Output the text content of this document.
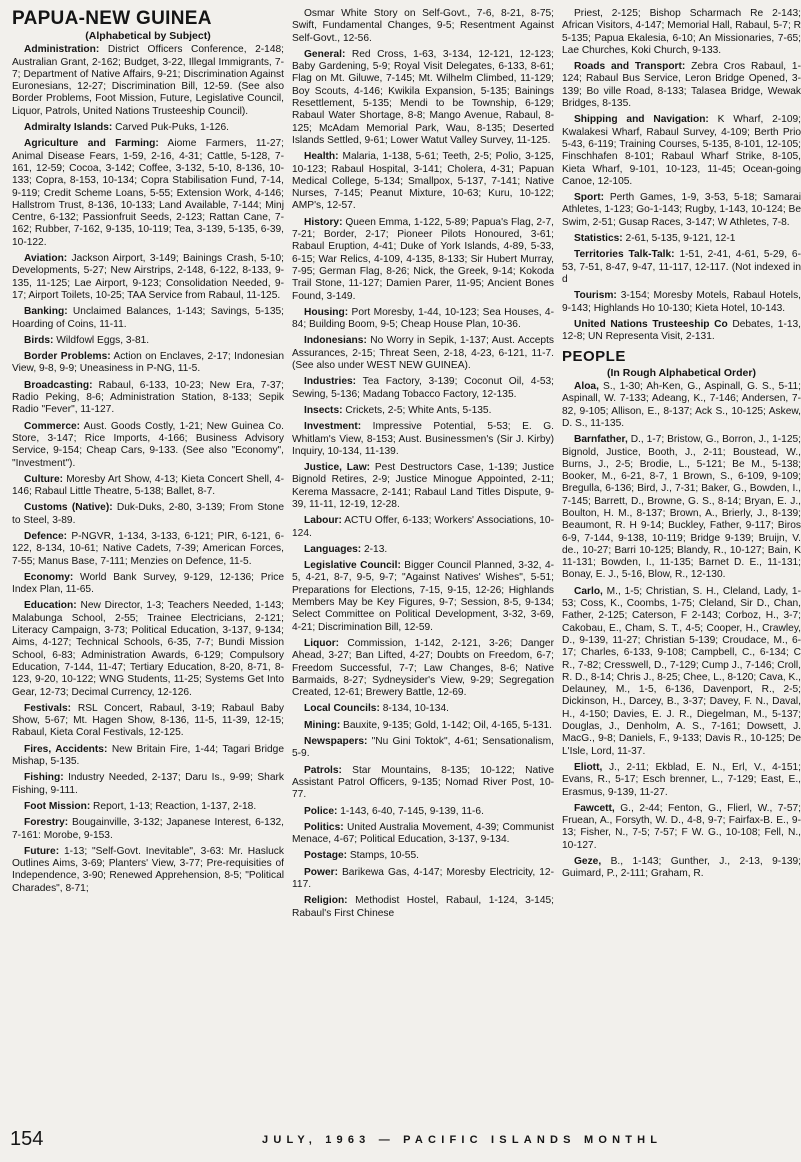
PAPUA-NEW GUINEA
(Alphabetical by Subject)

Administration: District Officers Conference, 2-148; Australian Grant, 2-162; Budget, 3-22, Illegal Immigrants, 7-7; Department of Native Affairs, 9-21; Discrimination Against Euronesians, 12-27; Discrimination Bill, 12-59. (See also Border Problems, Foot Mission, Future, Legislative Council, Liquor, Patrols, United Nations Trusteeship Council).

Admiralty Islands: Carved Puk-Puks, 1-126.

Agriculture and Farming: Aiome Farmers, 11-27; Animal Disease Fears, 1-59, 2-16, 4-31; Cattle, 5-128, 7-161, 12-59; Cocoa, 3-142; Coffee, 3-132, 5-10, 8-136, 10-133; Copra, 8-153, 10-134; Copra Stabilisation Fund, 7-14, 9-119; Credit Scheme Loans, 5-55; Extension Work, 4-146; Hallstrom Trust, 8-136, 10-133; Land Available, 7-144; Minj Centre, 6-132; Passionfruit Seeds, 2-123; Rattan Cane, 7-162; Rubber, 7-162, 9-135, 10-119; Tea, 3-139, 5-135, 6-39, 10-122.

Aviation: Jackson Airport, 3-149; Bainings Crash, 5-10; Developments, 5-27; New Airstrips, 2-148, 6-122, 8-133, 9-135, 11-125; Lae Airport, 9-123; Consolidation Needed, 9-17; Airport Toilets, 10-25; TAA Service from Rabaul, 11-125.

Banking: Unclaimed Balances, 1-143; Savings, 5-135; Hoarding of Coins, 11-11.

Birds: Wildfowl Eggs, 3-81.

Border Problems: Action on Enclaves, 2-17; Indonesian View, 9-8, 9-9; Uneasiness in P-NG, 11-5.

Broadcasting: Rabaul, 6-133, 10-23; New Era, 7-37; Radio Peking, 8-6; Administration Station, 8-133; Sepik Radio "Fever", 11-127.

Commerce: Aust. Goods Costly, 1-21; New Guinea Co. Store, 3-147; Rice Imports, 4-166; Business Advisory Service, 9-154; Cheap Cars, 9-133. (See also "Economy", "Investment").

Culture: Moresby Art Show, 4-13; Kieta Concert Shell, 4-146; Rabaul Little Theatre, 5-138; Ballet, 8-7.

Customs (Native): Duk-Duks, 2-80, 3-139; From Stone to Steel, 3-89.

Defence: P-NGVR, 1-134, 3-133, 6-121; PIR, 6-121, 6-122, 8-134, 10-61; Native Cadets, 7-39; American Forces, 7-55; Manus Base, 7-111; Menzies on Defence, 11-5.

Economy: World Bank Survey, 9-129, 12-136; Price Index Plan, 11-65.

Education: New Director, 1-3; Teachers Needed, 1-143; Malabunga School, 2-55; Trainee Electricians, 2-121; Literacy Campaign, 3-73; Political Education, 3-137, 9-134; Aims, 4-127; Technical Schools, 6-35, 7-7; Bundi Mission School, 6-83; Administration Awards, 6-129; Compulsory Education, 7-144, 11-47; Tertiary Education, 8-20, 8-71, 8-123, 9-20, 10-122; WNG Students, 11-25; Systems Get Into Gear, 12-73; Decimal Currency, 12-126.

Festivals: RSL Concert, Rabaul, 3-19; Rabaul Baby Show, 5-67; Mt. Hagen Show, 8-136, 11-5, 11-39, 12-15; Rabaul, Kieta Coral Festivals, 12-125.

Fires, Accidents: New Britain Fire, 1-44; Tagari Bridge Mishap, 5-135.

Fishing: Industry Needed, 2-137; Daru Is., 9-99; Shark Fishing, 9-111.

Foot Mission: Report, 1-13; Reaction, 1-137, 2-18.

Forestry: Bougainville, 3-132; Japanese Interest, 6-132, 7-161: Morobe, 9-153.

Future: 1-13; "Self-Govt. Inevitable", 3-63: Mr. Hasluck Outlines Aims, 3-69; Planters' View, 3-77; Pre-requisities of Independence, 3-90; Renewed Apprehension, 8-5; "Political Charades", 8-71;

Osmar White Story on Self-Govt., 7-6, 8-21, 8-75; Swift, Fundamental Changes, 9-5; Resentment Against Self-Govt., 12-56.

General: Red Cross, 1-63, 3-134, 12-121, 12-123; Baby Gardening, 5-9; Royal Visit Delegates, 6-133, 8-61; Flag on Mt. Giluwe, 7-145; Mt. Wilhelm Climbed, 11-129; Boy Scouts, 4-146; Kwikila Expansion, 5-135; Bainings Resettlement, 5-135; Mendi to be Township, 6-129; Rabaul Water Shortage, 8-8; Mango Avenue, Rabaul, 8-125; McAdam Memorial Park, Wau, 8-135; Deserted Islands Settled, 9-61; Lower Watut Valley Survey, 11-125.

Health: Malaria, 1-138, 5-61; Teeth, 2-5; Polio, 3-125, 10-123; Rabaul Hospital, 3-141; Cholera, 4-31; Papuan Medical College, 5-134; Smallpox, 5-137, 7-141; Native Nurses, 7-145; Peanut Mixture, 10-63; Kuru, 10-122; AMP's, 12-57.

History: Queen Emma, 1-122, 5-89; Papua's Flag, 2-7, 7-21; Border, 2-17; Pioneer Pilots Honoured, 3-61; Rabaul Eruption, 4-41; Duke of York Islands, 4-89, 5-33, 6-15; War Relics, 4-109, 4-135, 8-133; Sir Hubert Murray, 7-95; German Flag, 8-26; Nick, the Greek, 9-14; Kokoda Trail Stone, 11-127; Damien Parer, 11-95; Ancient Bones Found, 3-149.

Housing: Port Moresby, 1-44, 10-123; Sea Houses, 4-84; Building Boom, 9-5; Cheap House Plan, 10-36.

Indonesians: No Worry in Sepik, 1-137; Aust. Accepts Assurances, 2-15; Threat Seen, 2-18, 4-23, 6-121, 11-7. (See also under WEST NEW GUINEA).

Industries: Tea Factory, 3-139; Coconut Oil, 4-53; Sewing, 5-136; Madang Tobacco Factory, 12-135.

Insects: Crickets, 2-5; White Ants, 5-135.

Investment: Impressive Potential, 5-53; E. G. Whitlam's View, 8-153; Aust. Businessmen's (Sir J. Kirby) Inquiry, 10-134, 11-139.

Justice, Law: Pest Destructors Case, 1-139; Justice Bignold Retires, 2-9; Justice Minogue Appointed, 2-11; Kerema Massacre, 2-141; Rabaul Land Titles Dispute, 9-39, 11-11, 12-19, 12-28.

Labour: ACTU Offer, 6-133; Workers' Associations, 10-124.

Languages: 2-13.

Legislative Council: Bigger Council Planned, 3-32, 4-5, 4-21, 8-7, 9-5, 9-7; "Against Natives' Wishes", 5-51; Preparations for Elections, 7-15, 9-15, 12-26; Highlands Members May be Key Figures, 9-7; Session, 8-5, 9-134; Select Committee on Political Development, 3-32, 3-69, 4-21; Discrimination Bill, 12-59.

Liquor: Commission, 1-142, 2-121, 3-26; Danger Ahead, 3-27; Ban Lifted, 4-27; Doubts on Freedom, 6-7; Freedom Successful, 7-7; Law Changes, 8-6; Native Barmaids, 8-27; Sydneysider's View, 9-29; Segregation Created, 12-61; Brewery Battle, 12-69.

Local Councils: 8-134, 10-134.

Mining: Bauxite, 9-135; Gold, 1-142; Oil, 4-165, 5-131.

Newspapers: "Nu Gini Toktok", 4-61; Sensationalism, 5-9.

Patrols: Star Mountains, 8-135; 10-122; Native Assistant Patrol Officers, 9-135; Nomad River Post, 10-77.

Police: 1-143, 6-40, 7-145, 9-139, 11-6.

Politics: United Australia Movement, 4-39; Communist Menace, 4-67; Political Education, 3-137, 9-134.

Postage: Stamps, 10-55.

Power: Barikewa Gas, 4-147; Moresby Electricity, 12-117.

Religion: Methodist Hostel, Rabaul, 1-124, 3-145; Rabaul's First Chinese

Priest, 2-125; Bishop Scharmach Re 2-143; African Visitors, 4-147; Memorial Hall, Rabaul, 5-7; R 5-135; Papua Ekalesia, 6-10; An Missionaries, 7-65; Lae Churches, Koki Church, 9-133.

Roads and Transport: Zebra Cros Rabaul, 1-124; Rabaul Bus Service, Leron Bridge Opened, 3-139; Bo ville Road, 8-133; Talasea Bridge, Wewak Bridges, 8-135.

Shipping and Navigation: K Wharf, 2-109; Kwalakesi Wharf, Rabaul Survey, 4-109; Berth Prio 5-43, 6-119; Training Courses, 5-135, 8-101, 12-105; Finschhafen 8-101; Rabaul Wharf Strike, 8-105, Kieta Wharf, 9-101, 10-123, 11-45; Ocean-going Canoe, 12-105.

Sport: Perth Games, 1-9, 3-53, 5-18; Samarai Athletes, 1-123; Go-1-143; Rugby, 1-143, 10-124; Be Swim, 2-51; Gusap Races, 3-147; W Athletes, 7-8.

Statistics: 2-61, 5-135, 9-121, 12-1

Territories Talk-Talk: 1-51, 2-41, 4-61, 5-29, 6-53, 7-51, 8-47, 9-47, 11-117, 12-117. (Not indexed in d

Tourism: 3-154; Moresby Motels, Rabaul Hotels, 9-143; Highlands Ho 10-130; Kieta Hotel, 10-143.

United Nations Trusteeship Co Debates, 1-13, 12-8; UN Representa Visit, 2-131.

PEOPLE
(In Rough Alphabetical Order)

Aloa, S., 1-30; Ah-Ken, G., Aspinall, G. S., 5-11; Aspinall, W. 7-133; Adeang, K., 7-146; Andersen, 7-82, 9-105; Allison, E., 8-137; Ack S., 10-125; Askew, D. S., 11-135.

Barnfather, D., 1-7; Bristow, G., Borron, J., 1-125; Bignold, Justice, Booth, J., 2-11; Boustead, W., Burns, J., 2-5; Brodie, L., 5-121; Be M., 5-138; Booker, M., 6-21, 8-7, 1 Brown, S., 6-109, 9-109; Bregulla, 6-136; Bird, J., 7-31; Baker, G., Bowden, I., 7-145; Barrett, D., Browne, G. S., 8-14; Bryan, E. J., Boulton, H. M., 8-137; Brown, A., Brierly, J., 8-139; Beaumont, R. H 9-14; Buckley, Father, 9-117; Biros 6-9, 7-144, 9-138, 10-119; Bridge 9-139; Bruijn, V. de., 10-27; Barri 10-125; Blandy, R., 10-127; Bain, K 11-131; Bowden, I., 11-135; Barnet D. E., 11-131; Bonay, E. J., 5-16, Blow, R., 12-130.

Carlo, M., 1-5; Christian, S. H., Cleland, Lady, 1-53; Coss, K., Coombs, 1-75; Cleland, Sir D., Chan, Father, 2-125; Caterson, F 2-143; Corboz, H., 3-7; Cakobau, E., Cham, S. T., 4-5; Cooper, H., Crawley, D., 9-139, 11-27; Christian 5-139; Croudace, M., 6-17; Charles, 6-133, 9-108; Campbell, C., 6-134; C R., 7-82; Cresswell, D., 7-129; Cump J., 7-146; Croll, R. D., 8-14; Chris J., 8-25; Chee, L., 8-120; Cava, K., Delauney, M., 1-5, 6-136, Davenport, R., 2-5; Dickinson, H., Darcey, B., 3-37; Davey, F. N., Daval, H., 4-150; Davies, E. J. R., Diegelman, M., 5-137; Douglas, J., Denholm, A. S., 7-161; Dowsett, J. MacG., 9-8; Daniels, F., 9-133; Davis R., 10-125; De L'Isle, Lord, 11-37.

Eliott, J., 2-11; Ekblad, E. N., Erl, V., 4-151; Evans, R., 5-17; Esch brenner, L., 7-129; East, E., Erasmus, 9-139, 11-27.

Fawcett, G., 2-44; Fenton, G., Flierl, W., 7-57; Fruean, A., Forsyth, W. D., 4-8, 9-7; Fairfax-B. E., 9-13; Fisher, N., 7-5; 7-57; F W. G., 10-108; Fell, N., 10-127.

Geze, B., 1-143; Gunther, J., 2-13, 9-139; Guimard, P., 2-111; Graham, R.

154	JULY, 1963 — PACIFIC ISLANDS MONTHL
